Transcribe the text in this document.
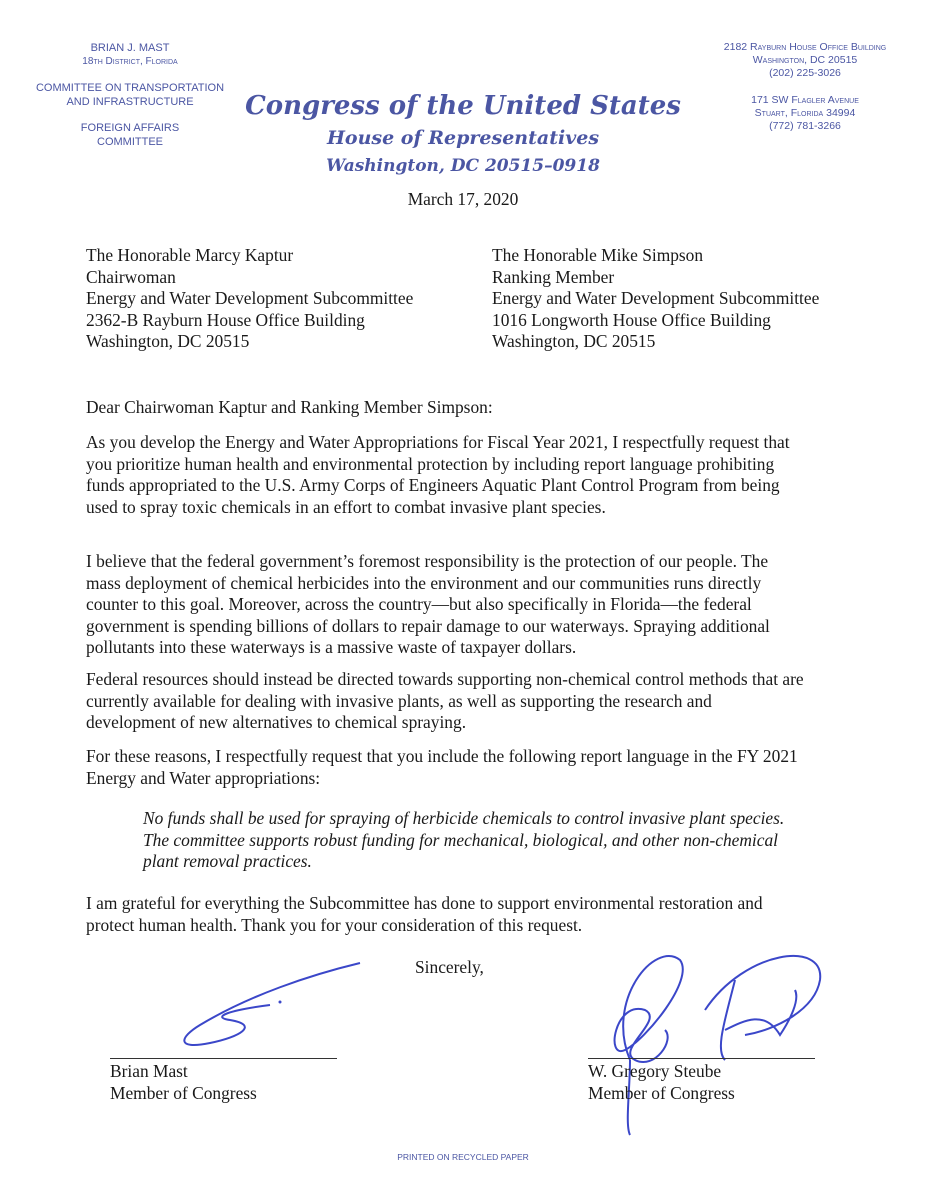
BRIAN J. MAST
18th District, Florida
COMMITTEE ON TRANSPORTATION
AND INFRASTRUCTURE
FOREIGN AFFAIRS
COMMITTEE
Congress of the United States
House of Representatives
Washington, DC 20515–0918
2182 Rayburn House Office Building
Washington, DC 20515
(202) 225-3026
171 SW Flagler Avenue
Stuart, Florida 34994
(772) 781-3266
March 17, 2020
The Honorable Marcy Kaptur
Chairwoman
Energy and Water Development Subcommittee
2362-B Rayburn House Office Building
Washington, DC 20515
The Honorable Mike Simpson
Ranking Member
Energy and Water Development Subcommittee
1016 Longworth House Office Building
Washington, DC 20515
Dear Chairwoman Kaptur and Ranking Member Simpson:
As you develop the Energy and Water Appropriations for Fiscal Year 2021, I respectfully request that
you prioritize human health and environmental protection by including report language prohibiting
funds appropriated to the U.S. Army Corps of Engineers Aquatic Plant Control Program from being
used to spray toxic chemicals in an effort to combat invasive plant species.
I believe that the federal government’s foremost responsibility is the protection of our people. The
mass deployment of chemical herbicides into the environment and our communities runs directly
counter to this goal. Moreover, across the country—but also specifically in Florida—the federal
government is spending billions of dollars to repair damage to our waterways. Spraying additional
pollutants into these waterways is a massive waste of taxpayer dollars.
Federal resources should instead be directed towards supporting non-chemical control methods that are
currently available for dealing with invasive plants, as well as supporting the research and
development of new alternatives to chemical spraying.
For these reasons, I respectfully request that you include the following report language in the FY 2021
Energy and Water appropriations:
No funds shall be used for spraying of herbicide chemicals to control invasive plant species.
The committee supports robust funding for mechanical, biological, and other non-chemical
plant removal practices.
I am grateful for everything the Subcommittee has done to support environmental restoration and
protect human health. Thank you for your consideration of this request.
Sincerely,
Brian Mast
Member of Congress
W. Gregory Steube
Member of Congress
PRINTED ON RECYCLED PAPER
